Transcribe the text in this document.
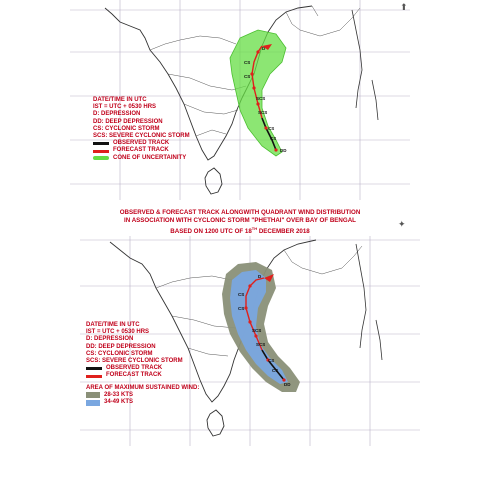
D
CS
CS
SCS
SCS
CS
CS
DD
⬆
DATE/TIME IN UTC
IST = UTC + 0530 HRS
D: DEPRESSION
DD: DEEP DEPRESSION
CS: CYCLONIC STORM
SCS: SEVERE CYCLONIC STORM
OBSERVED TRACK
FORECAST TRACK
CONE OF UNCERTAINITY
OBSERVED & FORECAST TRACK ALONGWITH QUADRANT WIND DISTRIBUTION
IN ASSOCIATION WITH CYCLONIC STORM "PHETHAI" OVER BAY OF BENGAL
BASED ON 1200 UTC OF 18TH DECEMBER 2018
D
CS
CS
SCS
SCS
CS
CS
DD
✦
DATE/TIME IN UTC
IST = UTC + 0530 HRS
D: DEPRESSION
DD: DEEP DEPRESSION
CS: CYCLONIC STORM
SCS: SEVERE CYCLONIC STORM
OBSERVED TRACK
FORECAST TRACK
AREA OF MAXIMUM SUSTAINED WIND:
28-33 KTS
34-49 KTS
